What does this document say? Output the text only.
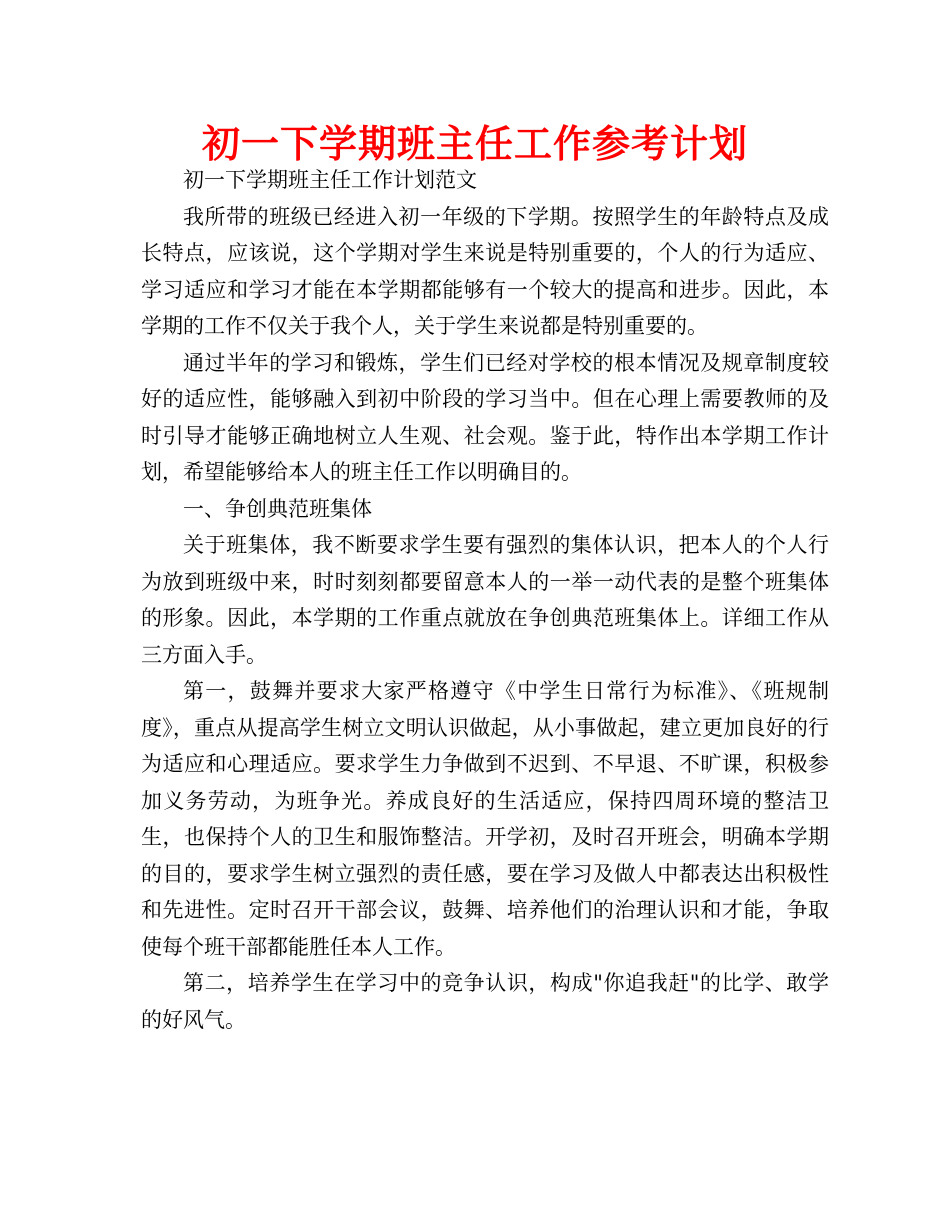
初一下学期班主任工作参考计划

初一下学期班主任工作计划范文

我所带的班级已经进入初一年级的下学期。按照学生的年龄特点及成长特点，应该说，这个学期对学生来说是特别重要的，个人的行为适应、学习适应和学习才能在本学期都能够有一个较大的提高和进步。因此，本学期的工作不仅关于我个人，关于学生来说都是特别重要的。

通过半年的学习和锻炼，学生们已经对学校的根本情况及规章制度较好的适应性，能够融入到初中阶段的学习当中。但在心理上需要教师的及时引导才能够正确地树立人生观、社会观。鉴于此，特作出本学期工作计划，希望能够给本人的班主任工作以明确目的。

一、争创典范班集体

关于班集体，我不断要求学生要有强烈的集体认识，把本人的个人行为放到班级中来，时时刻刻都要留意本人的一举一动代表的是整个班集体的形象。因此，本学期的工作重点就放在争创典范班集体上。详细工作从三方面入手。

第一，鼓舞并要求大家严格遵守《中学生日常行为标准》、《班规制度》，重点从提高学生树立文明认识做起，从小事做起，建立更加良好的行为适应和心理适应。要求学生力争做到不迟到、不早退、不旷课，积极参加义务劳动，为班争光。养成良好的生活适应，保持四周环境的整洁卫生，也保持个人的卫生和服饰整洁。开学初，及时召开班会，明确本学期的目的，要求学生树立强烈的责任感，要在学习及做人中都表达出积极性和先进性。定时召开干部会议，鼓舞、培养他们的治理认识和才能，争取使每个班干部都能胜任本人工作。

第二，培养学生在学习中的竞争认识，构成"你追我赶"的比学、敢学的好风气。
